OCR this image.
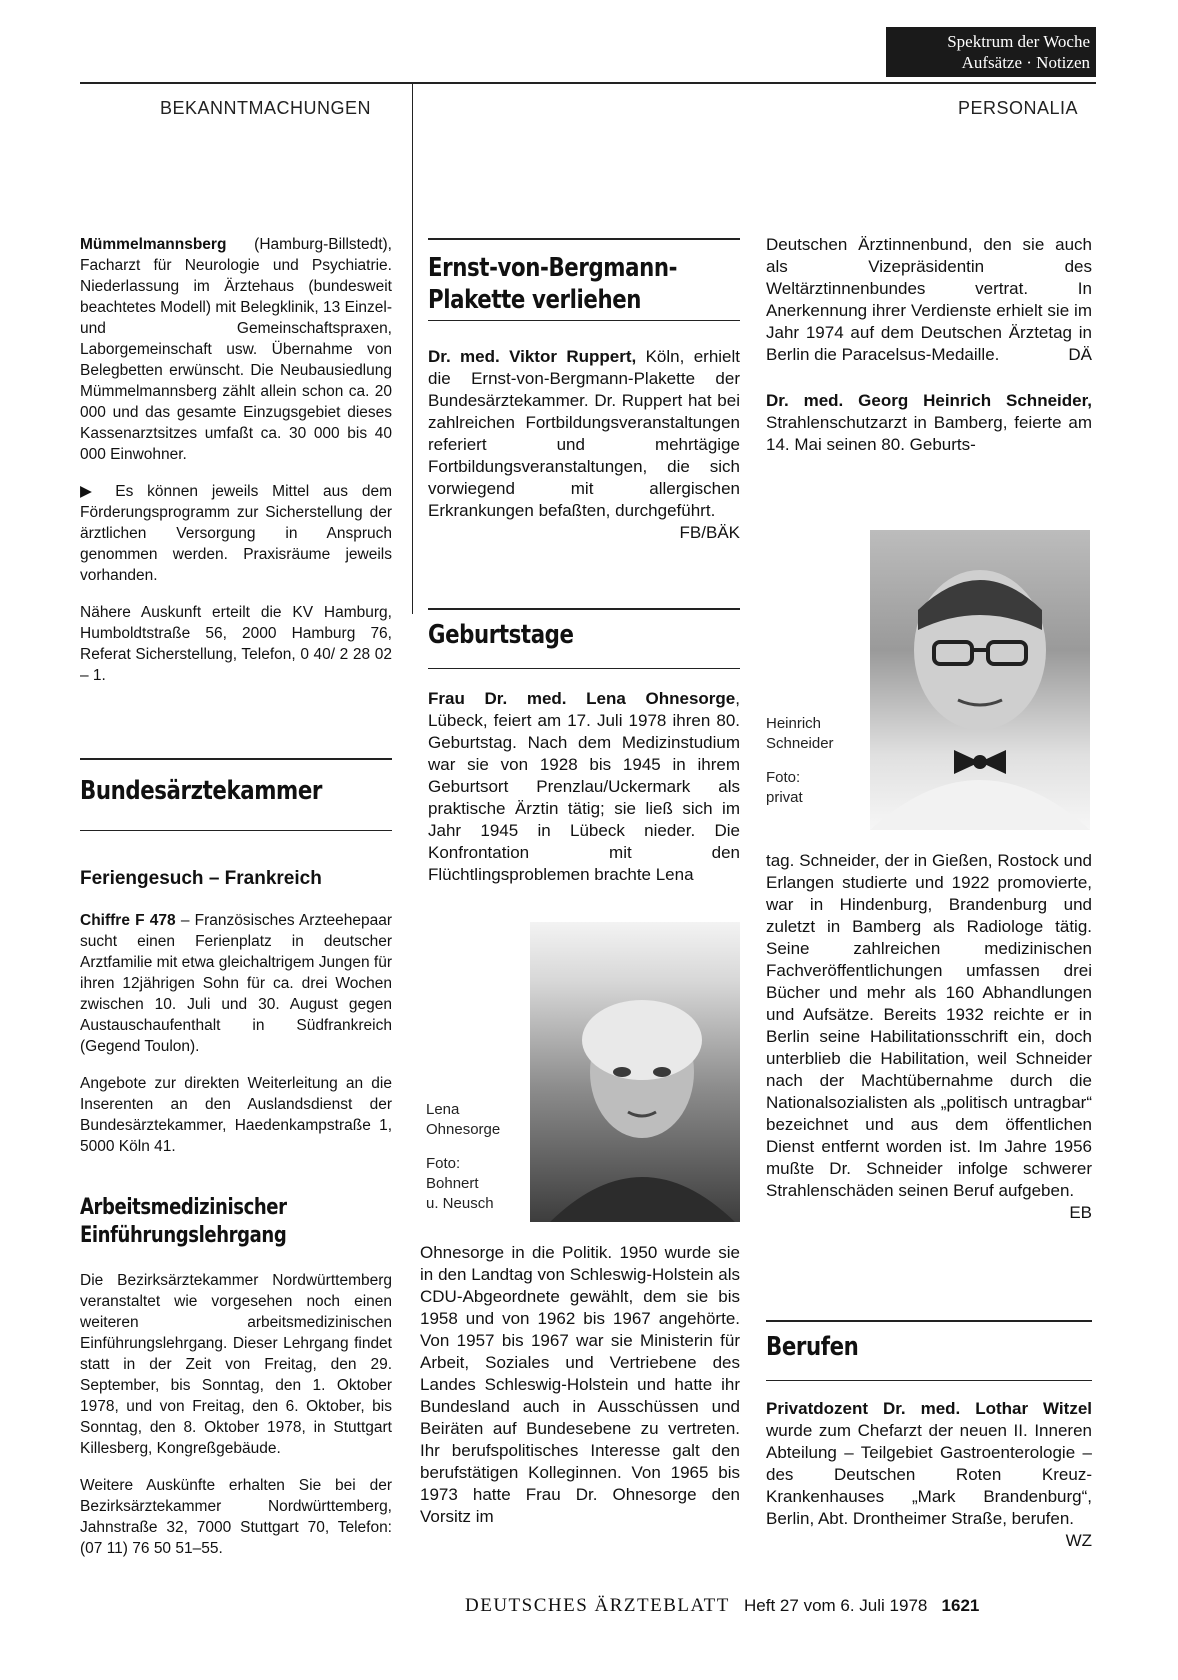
Spektrum der Woche
Aufsätze · Notizen
BEKANNTMACHUNGEN	PERSONALIA

Mümmelmannsberg (Hamburg-Billstedt), Facharzt für Neurologie und Psychiatrie. Niederlassung im Ärztehaus (bundesweit beachtetes Modell) mit Belegklinik, 13 Einzel- und Gemeinschaftspraxen, Laborgemeinschaft usw. Übernahme von Belegbetten erwünscht. Die Neubausiedlung Mümmelmannsberg zählt allein schon ca. 20 000 und das gesamte Einzugsgebiet dieses Kassenarztsitzes umfaßt ca. 30 000 bis 40 000 Einwohner.

▶ Es können jeweils Mittel aus dem Förderungsprogramm zur Sicherstellung der ärztlichen Versorgung in Anspruch genommen werden. Praxisräume jeweils vorhanden.

Nähere Auskunft erteilt die KV Hamburg, Humboldtstraße 56, 2000 Hamburg 76, Referat Sicherstellung, Telefon, 0 40/ 2 28 02 – 1.

Bundesärztekammer
Feriengesuch – Frankreich

Chiffre F 478 – Französisches Arzteehepaar sucht einen Ferienplatz in deutscher Arztfamilie mit etwa gleichaltrigem Jungen für ihren 12jährigen Sohn für ca. drei Wochen zwischen 10. Juli und 30. August gegen Austauschaufenthalt in Südfrankreich (Gegend Toulon).

Angebote zur direkten Weiterleitung an die Inserenten an den Auslandsdienst der Bundesärztekammer, Haedenkampstraße 1, 5000 Köln 41.

Arbeitsmedizinischer
Einführungslehrgang

Die Bezirksärztekammer Nordwürttemberg veranstaltet wie vorgesehen noch einen weiteren arbeitsmedizinischen Einführungslehrgang. Dieser Lehrgang findet statt in der Zeit von Freitag, den 29. September, bis Sonntag, den 1. Oktober 1978, und von Freitag, den 6. Oktober, bis Sonntag, den 8. Oktober 1978, in Stuttgart Killesberg, Kongreßgebäude.

Weitere Auskünfte erhalten Sie bei der Bezirksärztekammer Nordwürttemberg, Jahnstraße 32, 7000 Stuttgart 70, Telefon: (07 11) 76 50 51–55.

Ernst-von-Bergmann-
Plakette verliehen

Dr. med. Viktor Ruppert, Köln, erhielt die Ernst-von-Bergmann-Plakette der Bundesärztekammer. Dr. Ruppert hat bei zahlreichen Fortbildungsveranstaltungen referiert und mehrtägige Fortbildungsveranstaltungen, die sich vorwiegend mit allergischen Erkrankungen befaßten, durchgeführt.
FB/BÄK

Geburtstage

Frau Dr. med. Lena Ohnesorge, Lübeck, feiert am 17. Juli 1978 ihren 80. Geburtstag. Nach dem Medizinstudium war sie von 1928 bis 1945 in ihrem Geburtsort Prenzlau/Uckermark als praktische Ärztin tätig; sie ließ sich im Jahr 1945 in Lübeck nieder. Die Konfrontation mit den Flüchtlingsproblemen brachte Lena

Lena
Ohnesorge
Foto:
Bohnert
u. Neusch

Ohnesorge in die Politik. 1950 wurde sie in den Landtag von Schleswig-Holstein als CDU-Abgeordnete gewählt, dem sie bis 1958 und von 1962 bis 1967 angehörte. Von 1957 bis 1967 war sie Ministerin für Arbeit, Soziales und Vertriebene des Landes Schleswig-Holstein und hatte ihr Bundesland auch in Ausschüssen und Beiräten auf Bundesebene zu vertreten. Ihr berufspolitisches Interesse galt den berufstätigen Kolleginnen. Von 1965 bis 1973 hatte Frau Dr. Ohnesorge den Vorsitz im

Deutschen Ärztinnenbund, den sie auch als Vizepräsidentin des Weltärztinnenbundes vertrat. In Anerkennung ihrer Verdienste erhielt sie im Jahr 1974 auf dem Deutschen Ärztetag in Berlin die Paracelsus-Medaille.	DÄ

Dr. med. Georg Heinrich Schneider, Strahlenschutzarzt in Bamberg, feierte am 14. Mai seinen 80. Geburts-

Heinrich
Schneider
Foto:
privat

tag. Schneider, der in Gießen, Rostock und Erlangen studierte und 1922 promovierte, war in Hindenburg, Brandenburg und zuletzt in Bamberg als Radiologe tätig. Seine zahlreichen medizinischen Fachveröffentlichungen umfassen drei Bücher und mehr als 160 Abhandlungen und Aufsätze. Bereits 1932 reichte er in Berlin seine Habilitationsschrift ein, doch unterblieb die Habilitation, weil Schneider nach der Machtübernahme durch die Nationalsozialisten als „politisch untragbar“ bezeichnet und aus dem öffentlichen Dienst entfernt worden ist. Im Jahre 1956 mußte Dr. Schneider infolge schwerer Strahlenschäden seinen Beruf aufgeben.
EB

Berufen

Privatdozent Dr. med. Lothar Witzel wurde zum Chefarzt der neuen II. Inneren Abteilung – Teilgebiet Gastroenterologie – des Deutschen Roten Kreuz-Krankenhauses „Mark Brandenburg“, Berlin, Abt. Drontheimer Straße, berufen.
WZ

DEUTSCHES ÄRZTEBLATT Heft 27 vom 6. Juli 1978 1621
